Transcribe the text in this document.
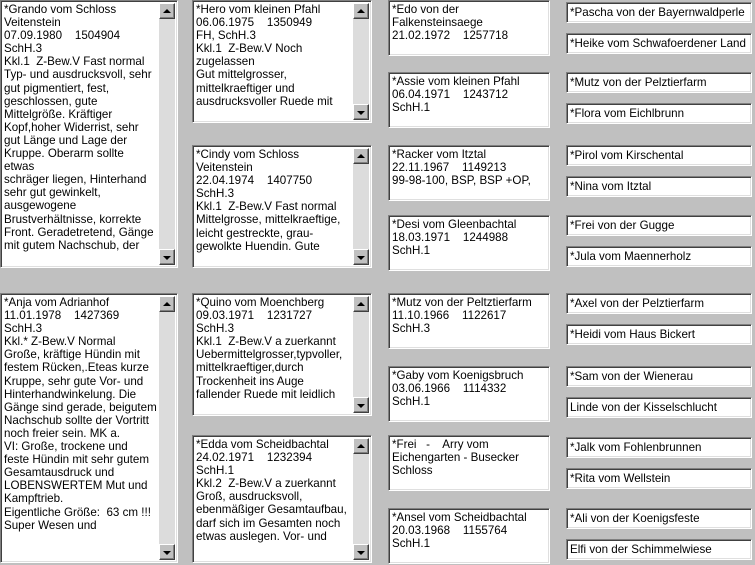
*Grando vom Schloss
Veitenstein
07.09.1980    1504904
SchH.3
Kkl.1  Z-Bew.V Fast normal
Typ- und ausdrucksvoll, sehr
gut pigmentiert, fest,
geschlossen, gute
Mittelgröße. Kräftiger
Kopf,hoher Widerrist, sehr
gut Länge und Lage der
Kruppe. Oberarm sollte etwas
schräger liegen, Hinterhand
sehr gut gewinkelt,
ausgewogene
Brustverhältnisse, korrekte
Front. Geradetretend, Gänge
mit gutem Nachschub, der
*Anja vom Adrianhof
11.01.1978    1427369
SchH.3
Kkl.* Z-Bew.V Normal
Große, kräftige Hündin mit
festem Rücken,.Eteas kurze
Kruppe, sehr gute Vor- und
Hinterhandwinkelung. Die
Gänge sind gerade, beigutem
Nachschub sollte der Vortritt
noch freier sein. MK a.
VI: Große, trockene und
feste Hündin mit sehr gutem
Gesamtausdruck und
LOBENSWERTEM Mut und
Kampftrieb.
Eigentliche Größe:  63 cm !!!
Super Wesen und
*Hero vom kleinen Pfahl
06.06.1975    1350949
FH, SchH.3
Kkl.1  Z-Bew.V Noch
zugelassen
Gut mittelgrosser,
mittelkraeftiger und
ausdrucksvoller Ruede mit
*Cindy vom Schloss
Veitenstein
22.04.1974    1407750
SchH.3
Kkl.1  Z-Bew.V Fast normal
Mittelgrosse, mittelkraeftige,
leicht gestreckte, grau-
gewolkte Huendin. Gute
*Quino vom Moenchberg
09.03.1971    1231727
SchH.3
Kkl.1  Z-Bew.V a zuerkannt
Uebermittelgrosser,typvoller,
mittelkraeftiger,durch
Trockenheit ins Auge
fallender Ruede mit leidlich
*Edda vom Scheidbachtal
24.02.1971    1232394
SchH.1
Kkl.2  Z-Bew.V a zuerkannt
Groß, ausdrucksvoll,
ebenmäßiger Gesamtaufbau,
darf sich im Gesamten noch
etwas auslegen. Vor- und
*Edo von der
Falkensteinsaege
21.02.1972    1257718
*Assie vom kleinen Pfahl
06.04.1971    1243712
SchH.1
*Racker vom Itztal
22.11.1967    1149213
99-98-100, BSP, BSP +OP,
*Desi vom Gleenbachtal
18.03.1971    1244988
SchH.1
*Mutz von der Peltztierfarm
11.10.1966    1122617
SchH.3
*Gaby vom Koenigsbruch
03.06.1966    1114332
SchH.1
*Frei   -    Arry vom
Eichengarten - Busecker
Schloss
*Ansel vom Scheidbachtal
20.03.1968    1155764
SchH.1
*Pascha von der Bayernwaldperle
*Heike vom Schwafoerdener Land
*Mutz von der Pelztierfarm
*Flora vom Eichlbrunn
*Pirol vom Kirschental
*Nina vom Itztal
*Frei von der Gugge
*Jula vom Maennerholz
*Axel von der Pelztierfarm
*Heidi vom Haus Bickert
*Sam von der Wienerau
Linde von der Kisselschlucht
*Jalk vom Fohlenbrunnen
*Rita vom Wellstein
*Ali von der Koenigsfeste
Elfi von der Schimmelwiese
